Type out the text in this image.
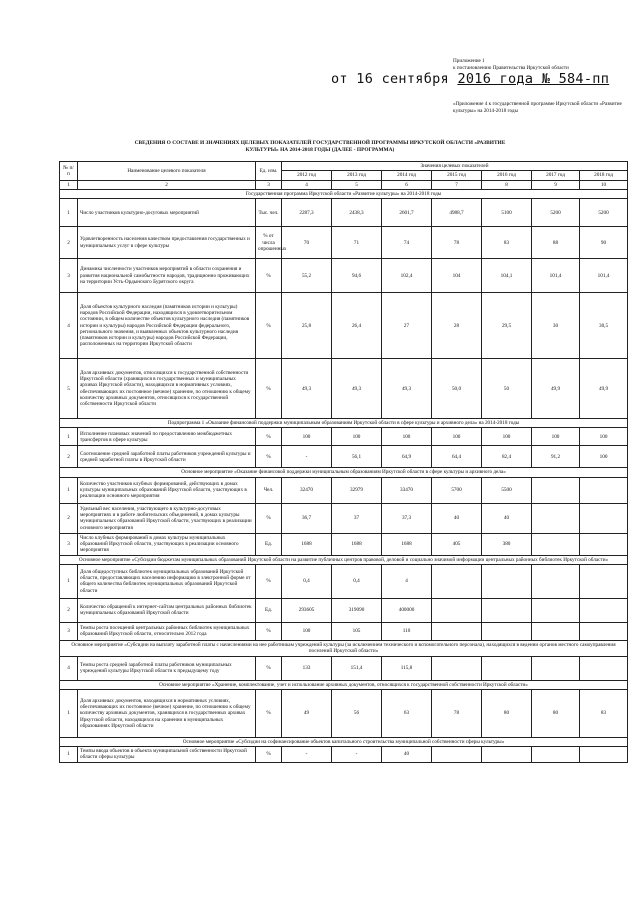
Приложение 1
к постановлению Правительства Иркутской области
от 16 сентября 2016 года № 584-пп
«Приложение 4 к государственной программе Иркутской области «Развитие культуры» на 2014-2018 годы
СВЕДЕНИЯ О СОСТАВЕ И ЗНАЧЕНИЯХ ЦЕЛЕВЫХ ПОКАЗАТЕЛЕЙ ГОСУДАРСТВЕННОЙ ПРОГРАММЫ ИРКУТСКОЙ ОБЛАСТИ «РАЗВИТИЕ КУЛЬТУРЫ» НА 2014-2018 ГОДЫ (ДАЛЕЕ - ПРОГРАММА)
№ п/п	Наименование целевого показателя	Ед. изм.	Значения целевых показателей						
			2012 год	2013 год	2014 год	2015 год	2016 год	2017 год	2018 год
1	2	3	4	5	6	7	8	9	10
Государственная программа Иркутской области «Развитие культуры» на 2014-2018 годы									
1	Число участников культурно-досуговых мероприятий	Тыс. чел.	2287,3	2438,3	2601,7	4988,7	5100	5200	5200
2	Удовлетворенность населения качеством предоставления государственных и муниципальных услуг в сфере культуры	% от числа опрошенных	70	71	74	78	83	88	90
3	Динамика численности участников мероприятий в области сохранения и развития национальной самобытности народов, традиционно проживающих на территории Усть-Ордынского Бурятского округа	%	55,2	94,6	102,4	104	104,1	101,4	101,4
4	Доля объектов культурного наследия (памятников истории и культуры) народов Российской Федерации, находящихся в удовлетворительном состоянии, в общем количестве объектов культурного наследия (памятников истории и культуры) народов Российской Федерации федерального, регионального значения, и выявленных объектов культурного наследия (памятников истории и культуры) народов Российской Федерации, расположенных на территории Иркутской области	%	25,8	26,4	27	28	29,5	30	30,5
5	Доля архивных документов, относящихся к государственной собственности Иркутской области (хранящихся в государственных и муниципальных архивах Иркутской области), находящихся в нормативных условиях, обеспечивающих их постоянное (вечное) хранение, по отношению к общему количеству архивных документов, относящихся к государственной собственности Иркутской области	%	49,3	49,3	49,3	50,0	50	49,9	49,9
Подпрограмма 1 «Оказание финансовой поддержки муниципальным образованиям Иркутской области в сфере культуры и архивного дела» на 2014-2018 годы									
1	Исполнение плановых значений по предоставлению межбюджетных трансфертов в сфере культуры	%	100	100	100	100	100	100	100
2	Соотношение средней заработной платы работников учреждений культуры и средней заработной платы в Иркутской области	%	-	56,1	64,9	64,4	82,4	91,2	100
Основное мероприятие «Оказание финансовой поддержки муниципальным образованиям Иркутской области в сфере культуры и архивного дела»									
1	Количество участников клубных формирований, действующих в домах культуры муниципальных образований Иркутской области, участвующих в реализации основного мероприятия	Чел.	32470	32979	33470	5700	5500		
2	Удельный вес населения, участвующего в культурно-досуговых мероприятиях и в работе любительских объединений, в домах культуры муниципальных образований Иркутской области, участвующих в реализации основного мероприятия	%	36,7	37	37,3	40	40		
3	Число клубных формирований в домах культуры муниципальных образований Иркутской области, участвующих в реализации основного мероприятия	Ед.	1688	1688	1688	405	380		
Основное мероприятие «Субсидии бюджетам муниципальных образований Иркутской области на развитие публичных центров правовой, деловой и социально значимой информации центральных районных библиотек Иркутской области»									
1	Доля общедоступных библиотек муниципальных образований Иркутской области, предоставляющих населению информацию в электронной форме от общего количества библиотек муниципальных образований Иркутской области	%	0,4	0,4	4				
2	Количество обращений к интернет-сайтам центральных районных библиотек муниципальных образований Иркутской области	Ед.	293605	319090	400000				
3	Темпы роста посещений центральных районных библиотек муниципальных образований Иркутской области, относительно 2012 года	%	100	105	110				
Основное мероприятие «Субсидии на выплату заработной платы с начислениями на нее работникам учреждений культуры (за исключением технического и вспомогательного персонала), находящихся в ведении органов местного самоуправления поселений Иркутской области»									
4	Темпы роста средней заработной платы работников муниципальных учреждений культуры Иркутской области к предыдущему году	%	133	151,4	115,8				
Основное мероприятие «Хранение, комплектование, учет и использование архивных документов, относящихся к государственной собственности Иркутской области»									
1	Доля архивных документов, находящихся в нормативных условиях, обеспечивающих их постоянное (вечное) хранение, по отношению к общему количеству архивных документов, хранящихся в государственных архивах Иркутской области, находящихся на хранении в муниципальных образованиях Иркутской области	%	49	56	63	78	80	80	83
Основное мероприятие «Субсидии на софинансирование объектов капитального строительства муниципальной собственности сферы культуры»									
1	Темпы ввода объектов в объекта муниципальной собственности Иркутской области сферы культуры	%	-	-	40				
